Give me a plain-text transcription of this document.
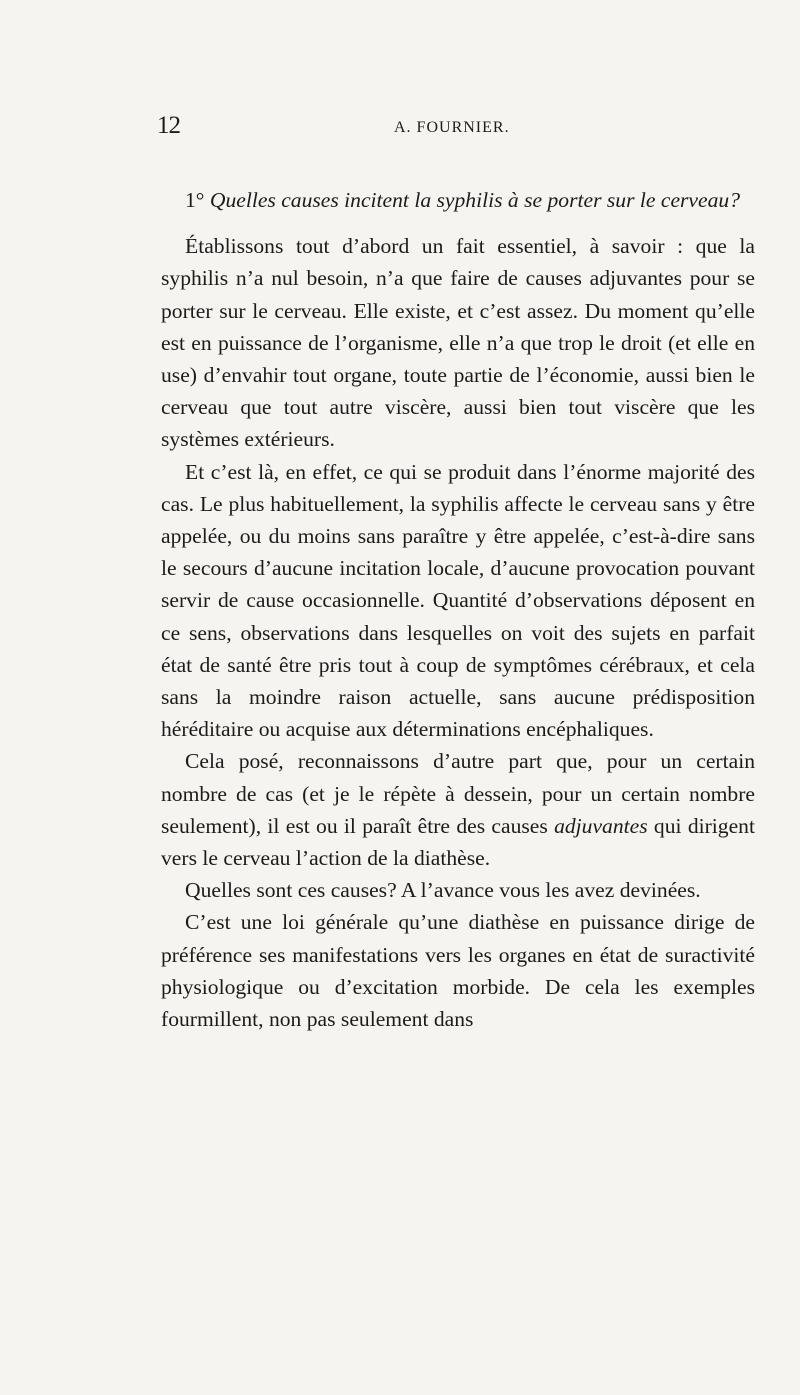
12	A. FOURNIER.

1° Quelles causes incitent la syphilis à se porter sur le cerveau?

Établissons tout d’abord un fait essentiel, à savoir : que la syphilis n’a nul besoin, n’a que faire de causes adjuvantes pour se porter sur le cerveau. Elle existe, et c’est assez. Du moment qu’elle est en puissance de l’organisme, elle n’a que trop le droit (et elle en use) d’envahir tout organe, toute partie de l’économie, aussi bien le cerveau que tout autre viscère, aussi bien tout viscère que les systèmes extérieurs.

Et c’est là, en effet, ce qui se produit dans l’énorme majorité des cas. Le plus habituellement, la syphilis affecte le cerveau sans y être appelée, ou du moins sans paraître y être appelée, c’est-à-dire sans le secours d’aucune incitation locale, d’aucune provocation pouvant servir de cause occasionnelle. Quantité d’observations déposent en ce sens, observations dans lesquelles on voit des sujets en parfait état de santé être pris tout à coup de symptômes cérébraux, et cela sans la moindre raison actuelle, sans aucune prédisposition héréditaire ou acquise aux déterminations encéphaliques.

Cela posé, reconnaissons d’autre part que, pour un certain nombre de cas (et je le répète à dessein, pour un certain nombre seulement), il est ou il paraît être des causes adjuvantes qui dirigent vers le cerveau l’action de la diathèse.

Quelles sont ces causes? A l’avance vous les avez devinées.

C’est une loi générale qu’une diathèse en puissance dirige de préférence ses manifestations vers les organes en état de suractivité physiologique ou d’excitation morbide. De cela les exemples fourmillent, non pas seulement dans
